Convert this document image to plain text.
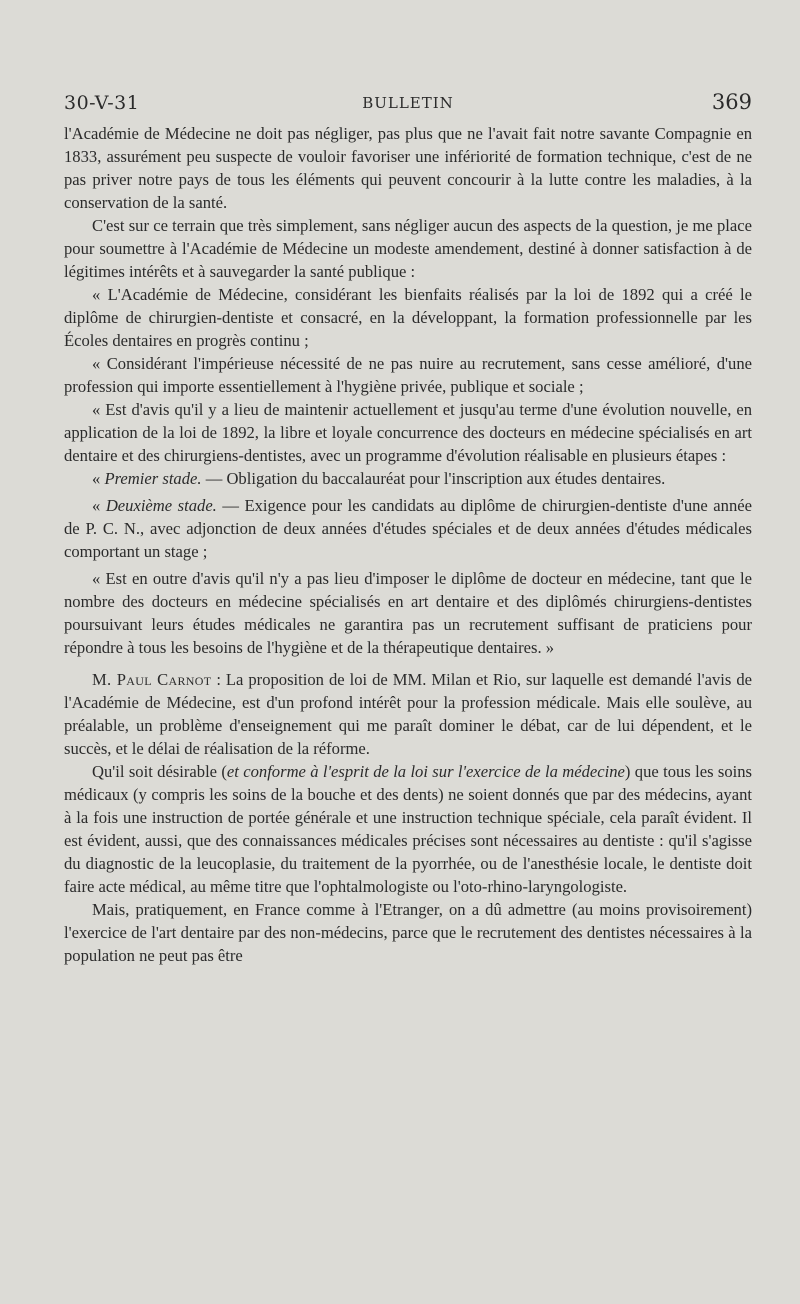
30-V-31	BULLETIN	369

l'Académie de Médecine ne doit pas négliger, pas plus que ne l'avait fait notre savante Compagnie en 1833, assurément peu suspecte de vouloir favoriser une infériorité de formation technique, c'est de ne pas priver notre pays de tous les éléments qui peuvent concourir à la lutte contre les maladies, à la conservation de la santé.

C'est sur ce terrain que très simplement, sans négliger aucun des aspects de la question, je me place pour soumettre à l'Académie de Médecine un modeste amendement, destiné à donner satisfaction à de légitimes intérêts et à sauvegarder la santé publique :

« L'Académie de Médecine, considérant les bienfaits réalisés par la loi de 1892 qui a créé le diplôme de chirurgien-dentiste et consacré, en la développant, la formation professionnelle par les Écoles dentaires en progrès continu ;

« Considérant l'impérieuse nécessité de ne pas nuire au recrutement, sans cesse amélioré, d'une profession qui importe essentiellement à l'hygiène privée, publique et sociale ;

« Est d'avis qu'il y a lieu de maintenir actuellement et jusqu'au terme d'une évolution nouvelle, en application de la loi de 1892, la libre et loyale concurrence des docteurs en médecine spécialisés en art dentaire et des chirurgiens-dentistes, avec un programme d'évolution réalisable en plusieurs étapes :

« Premier stade. — Obligation du baccalauréat pour l'inscription aux études dentaires.

« Deuxième stade. — Exigence pour les candidats au diplôme de chirurgien-dentiste d'une année de P. C. N., avec adjonction de deux années d'études spéciales et de deux années d'études médicales comportant un stage ;

« Est en outre d'avis qu'il n'y a pas lieu d'imposer le diplôme de docteur en médecine, tant que le nombre des docteurs en médecine spécialisés en art dentaire et des diplômés chirurgiens-dentistes poursuivant leurs études médicales ne garantira pas un recrutement suffisant de praticiens pour répondre à tous les besoins de l'hygiène et de la thérapeutique dentaires. »

M. Paul Carnot : La proposition de loi de MM. Milan et Rio, sur laquelle est demandé l'avis de l'Académie de Médecine, est d'un profond intérêt pour la profession médicale. Mais elle soulève, au préalable, un problème d'enseignement qui me paraît dominer le débat, car de lui dépendent, et le succès, et le délai de réalisation de la réforme.

Qu'il soit désirable (et conforme à l'esprit de la loi sur l'exercice de la médecine) que tous les soins médicaux (y compris les soins de la bouche et des dents) ne soient donnés que par des médecins, ayant à la fois une instruction de portée générale et une instruction technique spéciale, cela paraît évident. Il est évident, aussi, que des connaissances médicales précises sont nécessaires au dentiste : qu'il s'agisse du diagnostic de la leucoplasie, du traitement de la pyorrhée, ou de l'anesthésie locale, le dentiste doit faire acte médical, au même titre que l'ophtalmologiste ou l'oto-rhino-laryngologiste.

Mais, pratiquement, en France comme à l'Etranger, on a dû admettre (au moins provisoirement) l'exercice de l'art dentaire par des non-médecins, parce que le recrutement des dentistes nécessaires à la population ne peut pas être
